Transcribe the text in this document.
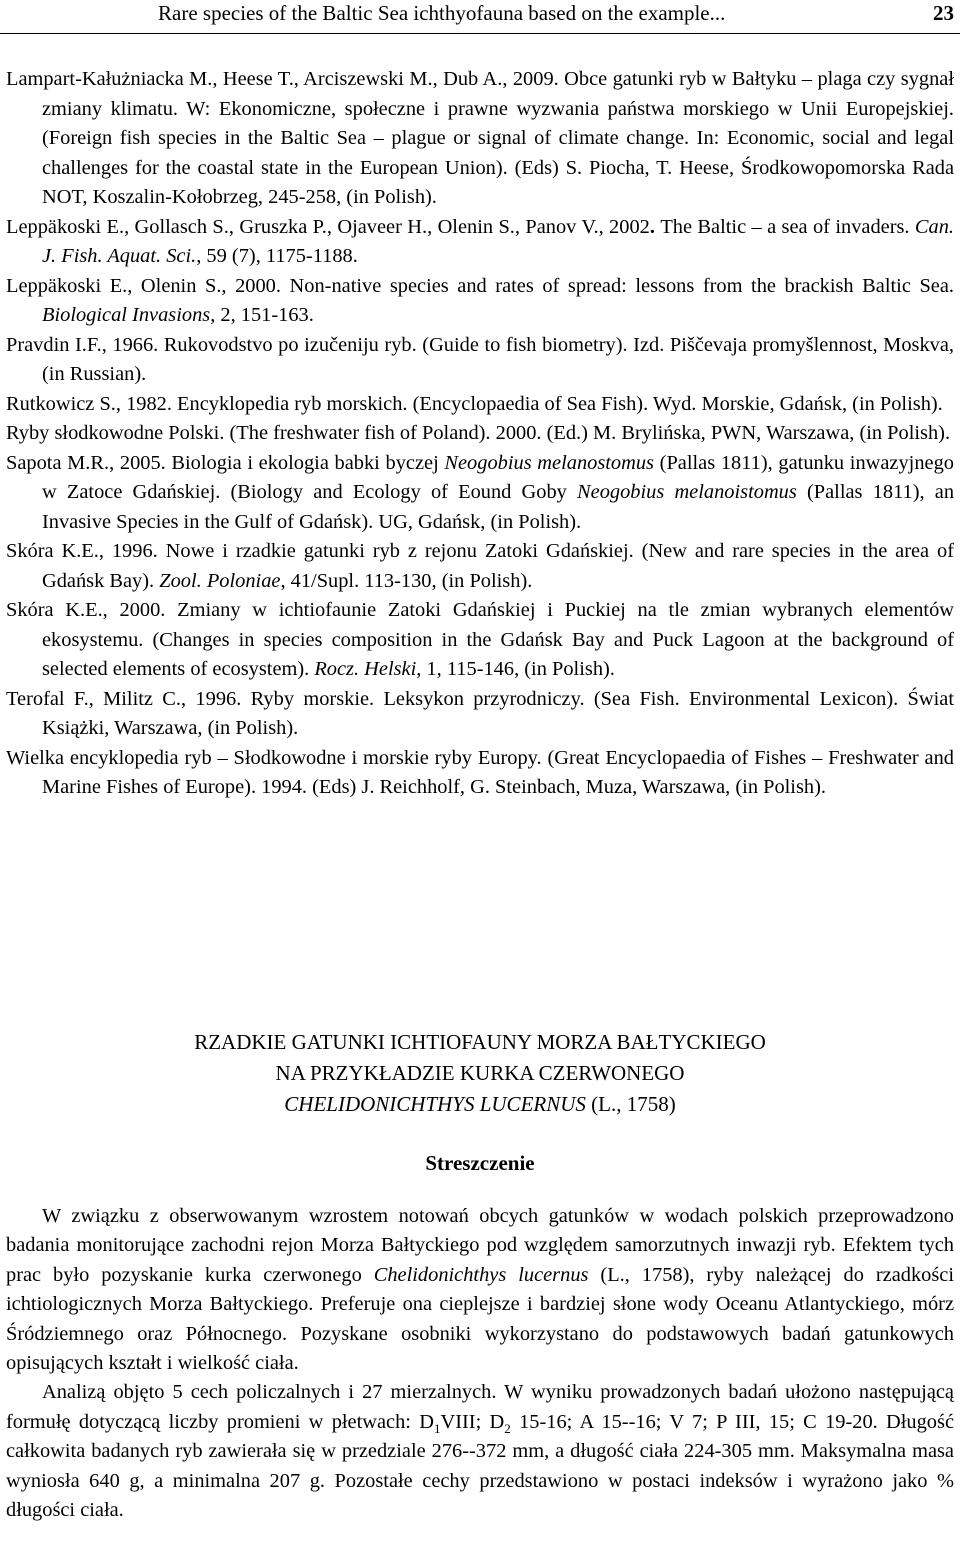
Rare species of the Baltic Sea ichthyofauna based on the example...	23
Lampart-Kałużniacka M., Heese T., Arciszewski M., Dub A., 2009. Obce gatunki ryb w Bałtyku – plaga czy sygnał zmiany klimatu. W: Ekonomiczne, społeczne i prawne wyzwania państwa morskiego w Unii Europejskiej. (Foreign fish species in the Baltic Sea – plague or signal of climate change. In: Economic, social and legal challenges for the coastal state in the European Union). (Eds) S. Piocha, T. Heese, Środkowopomorska Rada NOT, Koszalin-Kołobrzeg, 245-258, (in Polish).
Leppäkoski E., Gollasch S., Gruszka P., Ojaveer H., Olenin S., Panov V., 2002. The Baltic – a sea of invaders. Can. J. Fish. Aquat. Sci., 59 (7), 1175-1188.
Leppäkoski E., Olenin S., 2000. Non-native species and rates of spread: lessons from the brackish Baltic Sea. Biological Invasions, 2, 151-163.
Pravdin I.F., 1966. Rukovodstvo po izučeniju ryb. (Guide to fish biometry). Izd. Piščevaja promyšlennost, Moskva, (in Russian).
Rutkowicz S., 1982. Encyklopedia ryb morskich. (Encyclopaedia of Sea Fish). Wyd. Morskie, Gdańsk, (in Polish).
Ryby słodkowodne Polski. (The freshwater fish of Poland). 2000. (Ed.) M. Brylińska, PWN, Warszawa, (in Polish).
Sapota M.R., 2005. Biologia i ekologia babki byczej Neogobius melanostomus (Pallas 1811), gatunku inwazyjnego w Zatoce Gdańskiej. (Biology and Ecology of Eound Goby Neogobius melanoistomus (Pallas 1811), an Invasive Species in the Gulf of Gdańsk). UG, Gdańsk, (in Polish).
Skóra K.E., 1996. Nowe i rzadkie gatunki ryb z rejonu Zatoki Gdańskiej. (New and rare species in the area of Gdańsk Bay). Zool. Poloniae, 41/Supl. 113-130, (in Polish).
Skóra K.E., 2000. Zmiany w ichtiofaunie Zatoki Gdańskiej i Puckiej na tle zmian wybranych elementów ekosystemu. (Changes in species composition in the Gdańsk Bay and Puck Lagoon at the background of selected elements of ecosystem). Rocz. Helski, 1, 115-146, (in Polish).
Terofal F., Militz C., 1996. Ryby morskie. Leksykon przyrodniczy. (Sea Fish. Environmental Lexicon). Świat Książki, Warszawa, (in Polish).
Wielka encyklopedia ryb – Słodkowodne i morskie ryby Europy. (Great Encyclopaedia of Fishes – Freshwater and Marine Fishes of Europe). 1994. (Eds) J. Reichholf, G. Steinbach, Muza, Warszawa, (in Polish).
RZADKIE GATUNKI ICHTIOFAUNY MORZA BAŁTYCKIEGO
NA PRZYKŁADZIE KURKA CZERWONEGO
CHELIDONICHTHYS LUCERNUS (L., 1758)
Streszczenie

W związku z obserwowanym wzrostem notowań obcych gatunków w wodach polskich przeprowadzono badania monitorujące zachodni rejon Morza Bałtyckiego pod względem samorzutnych inwazji ryb. Efektem tych prac było pozyskanie kurka czerwonego Chelidonichthys lucernus (L., 1758), ryby należącej do rzadkości ichtiologicznych Morza Bałtyckiego. Preferuje ona cieplejsze i bardziej słone wody Oceanu Atlantyckiego, mórz Śródziemnego oraz Północnego. Pozyskane osobniki wykorzystano do podstawowych badań gatunkowych opisujących kształt i wielkość ciała.

Analizą objęto 5 cech policzalnych i 27 mierzalnych. W wyniku prowadzonych badań ułożono następującą formułę dotyczącą liczby promieni w płetwach: $D_1VIII$; $D_2$ 15-16; A 15--16; V 7; P III, 15; C 19-20. Długość całkowita badanych ryb zawierała się w przedziale 276--372 mm, a długość ciała 224-305 mm. Maksymalna masa wyniosła 640 g, a minimalna 207 g. Pozostałe cechy przedstawiono w postaci indeksów i wyrażono jako % długości ciała.
